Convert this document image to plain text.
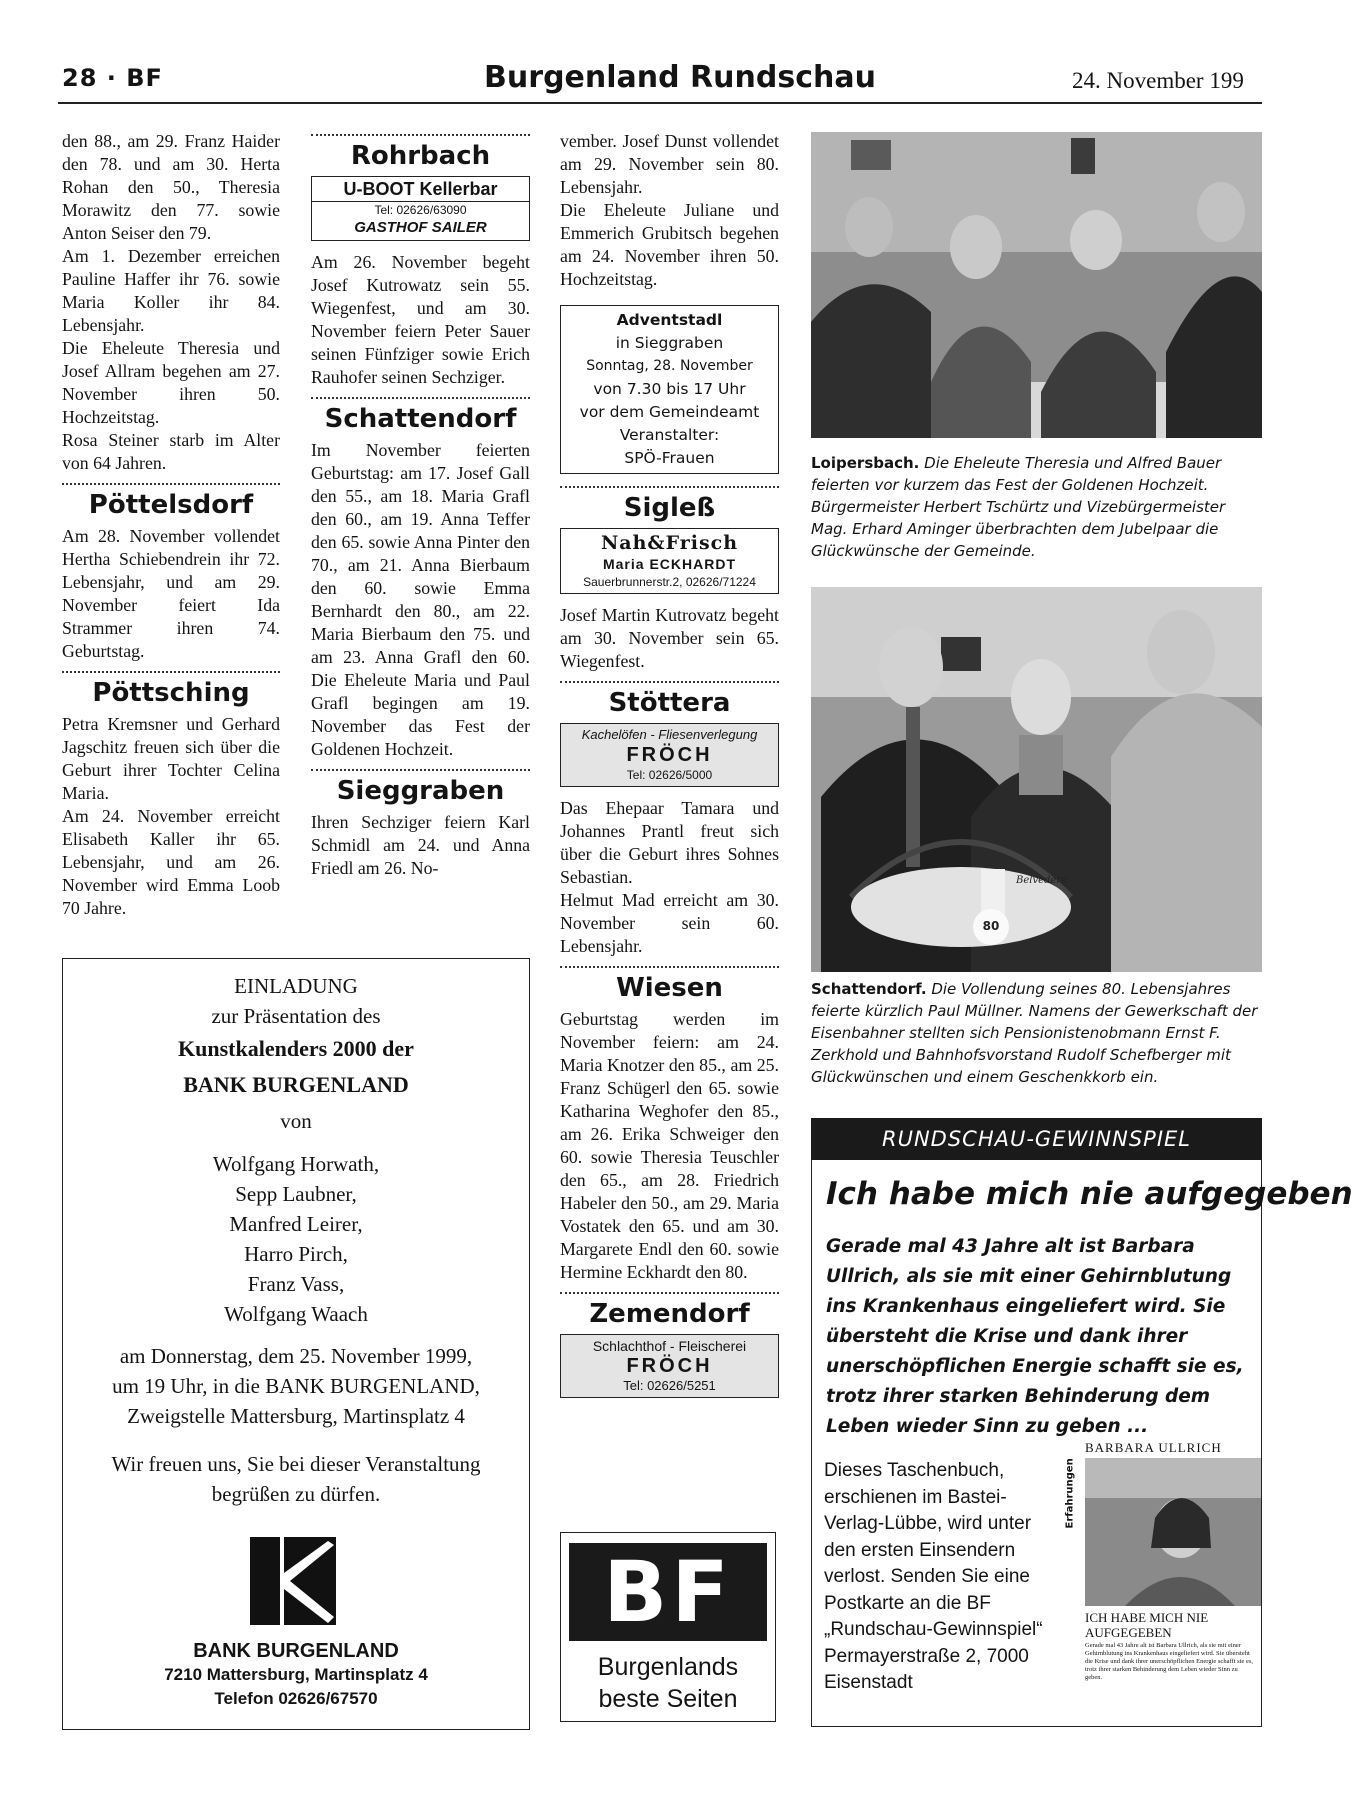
28 · BF	Burgenland Rundschau	24. November 199

den 88., am 29. Franz Haider den 78. und am 30. Herta Rohan den 50., Theresia Morawitz den 77. sowie Anton Seiser den 79.

Am 1. Dezember erreichen Pauline Haffer ihr 76. sowie Maria Koller ihr 84. Lebensjahr.

Die Eheleute Theresia und Josef Allram begehen am 27. November ihren 50. Hochzeitstag.

Rosa Steiner starb im Alter von 64 Jahren.

Pöttelsdorf

Am 28. November vollendet Hertha Schiebendrein ihr 72. Lebensjahr, und am 29. November feiert Ida Strammer ihren 74. Geburtstag.

Pöttsching

Petra Kremsner und Gerhard Jagschitz freuen sich über die Geburt ihrer Tochter Celina Maria.

Am 24. November erreicht Elisabeth Kaller ihr 65. Lebensjahr, und am 26. November wird Emma Loob 70 Jahre.

Rohrbach
U-BOOT Kellerbar
Tel: 02626/63090
GASTHOF SAILER

Am 26. November begeht Josef Kutrowatz sein 55. Wiegenfest, und am 30. November feiern Peter Sauer seinen Fünfziger sowie Erich Rauhofer seinen Sechziger.

Schattendorf

Im November feierten Geburtstag: am 17. Josef Gall den 55., am 18. Maria Grafl den 60., am 19. Anna Teffer den 65. sowie Anna Pinter den 70., am 21. Anna Bierbaum den 60. sowie Emma Bernhardt den 80., am 22. Maria Bierbaum den 75. und am 23. Anna Grafl den 60. Die Eheleute Maria und Paul Grafl begingen am 19. November das Fest der Goldenen Hochzeit.

Sieggraben

Ihren Sechziger feiern Karl Schmidl am 24. und Anna Friedl am 26. No-

vember. Josef Dunst vollendet am 29. November sein 80. Lebensjahr.

Die Eheleute Juliane und Emmerich Grubitsch begehen am 24. November ihren 50. Hochzeitstag.

Adventstadl
in Sieggraben
Sonntag, 28. November
von 7.30 bis 17 Uhr
vor dem Gemeindeamt
Veranstalter:
SPÖ-Frauen
Sigleß
Nah&Frisch
Maria ECKHARDT
Sauerbrunnerstr.2, 02626/71224

Josef Martin Kutrovatz begeht am 30. November sein 65. Wiegenfest.

Stöttera
Kachelöfen - Fliesenverlegung
FRÖCH
Tel: 02626/5000

Das Ehepaar Tamara und Johannes Prantl freut sich über die Geburt ihres Sohnes Sebastian.

Helmut Mad erreicht am 30. November sein 60. Lebensjahr.

Wiesen

Geburtstag werden im November feiern: am 24. Maria Knotzer den 85., am 25. Franz Schügerl den 65. sowie Katharina Weghofer den 85., am 26. Erika Schweiger den 60. sowie Theresia Teuschler den 65., am 28. Friedrich Habeler den 50., am 29. Maria Vostatek den 65. und am 30. Margarete Endl den 60. sowie Hermine Eckhardt den 80.

Zemendorf
Schlachthof - Fleischerei
FRÖCH
Tel: 02626/5251
BF
Burgenlands
beste Seiten
EINLADUNG
zur Präsentation des
Kunstkalenders 2000 der
BANK BURGENLAND
von
Wolfgang Horwath,
Sepp Laubner,
Manfred Leirer,
Harro Pirch,
Franz Vass,
Wolfgang Waach
am Donnerstag, dem 25. November 1999,
um 19 Uhr, in die BANK BURGENLAND,
Zweigstelle Mattersburg, Martinsplatz 4
Wir freuen uns, Sie bei dieser Veranstaltung
begrüßen zu dürfen.
BANK BURGENLAND
7210 Mattersburg, Martinsplatz 4
Telefon 02626/67570
Loipersbach. Die Eheleute Theresia und Alfred Bauer feierten vor kurzem das Fest der Goldenen Hochzeit. Bürgermeister Herbert Tschürtz und Vizebürgermeister Mag. Erhard Aminger überbrachten dem Jubelpaar die Glückwünsche der Gemeinde.
Belvedere
80
Schattendorf. Die Vollendung seines 80. Lebensjahres feierte kürzlich Paul Müllner. Namens der Gewerkschaft der Eisenbahner stellten sich Pensionistenobmann Ernst F. Zerkhold und Bahnhofsvorstand Rudolf Schefberger mit Glückwünschen und einem Geschenkkorb ein.
RUNDSCHAU-GEWINNSPIEL
Ich habe mich nie aufgegeben
Gerade mal 43 Jahre alt ist Barbara Ullrich, als sie mit einer Gehirnblutung ins Krankenhaus eingeliefert wird. Sie übersteht die Krise und dank ihrer unerschöpflichen Energie schafft sie es, trotz ihrer starken Behinderung dem Leben wieder Sinn zu geben ...
Dieses Taschenbuch, erschienen im Bastei-Verlag-Lübbe, wird unter den ersten Einsendern verlost. Senden Sie eine Postkarte an die BF „Rundschau-Gewinnspiel“ Permayerstraße 2, 7000 Eisenstadt
Erfahrungen
BARBARA ULLRICH
ICH HABE MICH NIE
AUFGEGEBEN
Gerade mal 43 Jahre alt ist Barbara Ullrich, als sie mit einer Gehirnblutung ins Krankenhaus eingeliefert wird. Sie übersteht die Krise und dank ihrer unerschöpflichen Energie schafft sie es, trotz ihrer starken Behinderung dem Leben wieder Sinn zu geben.
